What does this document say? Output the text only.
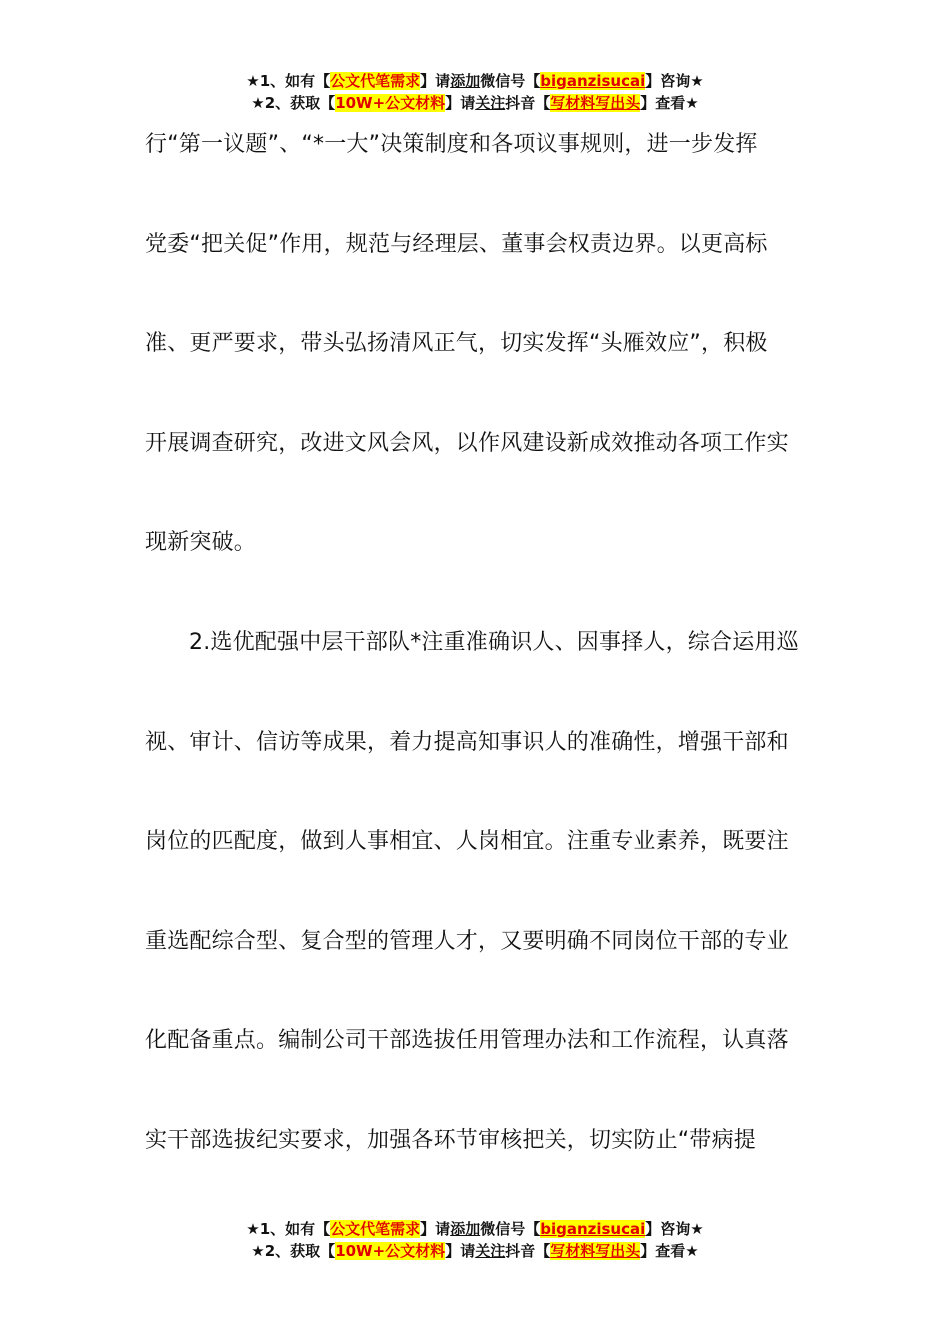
★1、如有【公文代笔需求】请添加微信号【biganzisucai】咨询★
★2、获取【10W+公文材料】请关注抖音【写材料写出头】查看★
行“第一议题”、“*一大”决策制度和各项议事规则，进一步发挥
党委“把关促”作用，规范与经理层、董事会权责边界。以更高标
准、更严要求，带头弘扬清风正气，切实发挥“头雁效应”，积极
开展调查研究，改进文风会风，以作风建设新成效推动各项工作实
现新突破。
2.选优配强中层干部队*注重准确识人、因事择人，综合运用巡
视、审计、信访等成果，着力提高知事识人的准确性，增强干部和
岗位的匹配度，做到人事相宜、人岗相宜。注重专业素养，既要注
重选配综合型、复合型的管理人才，又要明确不同岗位干部的专业
化配备重点。编制公司干部选拔任用管理办法和工作流程，认真落
实干部选拔纪实要求，加强各环节审核把关，切实防止“带病提
★1、如有【公文代笔需求】请添加微信号【biganzisucai】咨询★
★2、获取【10W+公文材料】请关注抖音【写材料写出头】查看★
